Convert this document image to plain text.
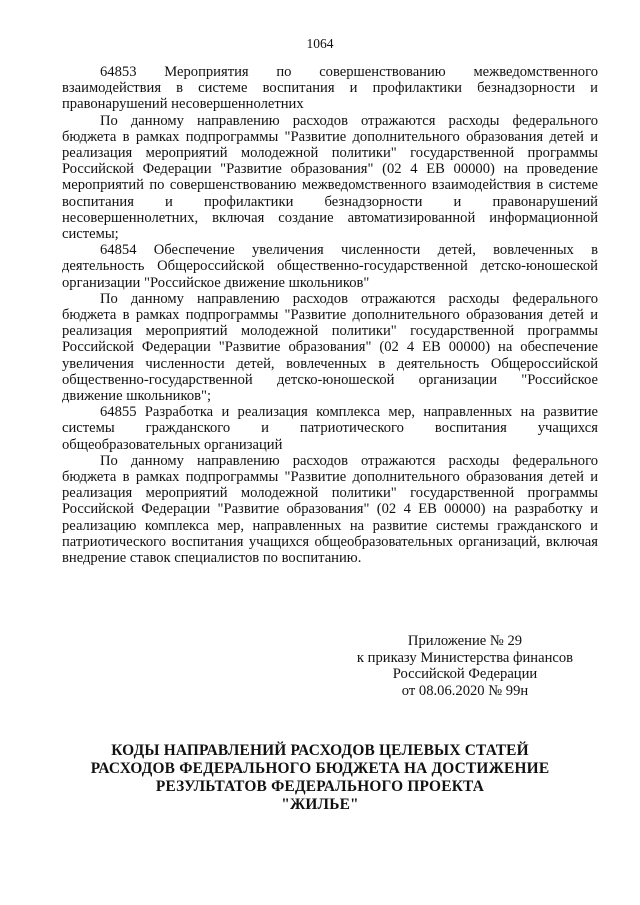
1064

64853 Мероприятия по совершенствованию межведомственного взаимодействия в системе воспитания и профилактики безнадзорности и правонарушений несовершеннолетних

По данному направлению расходов отражаются расходы федерального бюджета в рамках подпрограммы "Развитие дополнительного образования детей и реализация мероприятий молодежной политики" государственной программы Российской Федерации "Развитие образования" (02 4 ЕВ 00000) на проведение мероприятий по совершенствованию межведомственного взаимодействия в системе воспитания и профилактики безнадзорности и правонарушений несовершеннолетних, включая создание автоматизированной информационной системы;

64854 Обеспечение увеличения численности детей, вовлеченных в деятельность Общероссийской общественно-государственной детско-юношеской организации "Российское движение школьников"

По данному направлению расходов отражаются расходы федерального бюджета в рамках подпрограммы "Развитие дополнительного образования детей и реализация мероприятий молодежной политики" государственной программы Российской Федерации "Развитие образования" (02 4 ЕВ 00000) на обеспечение увеличения численности детей, вовлеченных в деятельность Общероссийской общественно-государственной детско-юношеской организации "Российское движение школьников";

64855 Разработка и реализация комплекса мер, направленных на развитие системы гражданского и патриотического воспитания учащихся общеобразовательных организаций

По данному направлению расходов отражаются расходы федерального бюджета в рамках подпрограммы "Развитие дополнительного образования детей и реализация мероприятий молодежной политики" государственной программы Российской Федерации "Развитие образования" (02 4 ЕВ 00000) на разработку и реализацию комплекса мер, направленных на развитие системы гражданского и патриотического воспитания учащихся общеобразовательных организаций, включая внедрение ставок специалистов по воспитанию.

Приложение № 29
к приказу Министерства финансов
Российской Федерации
от 08.06.2020 № 99н
КОДЫ НАПРАВЛЕНИЙ РАСХОДОВ ЦЕЛЕВЫХ СТАТЕЙ
РАСХОДОВ ФЕДЕРАЛЬНОГО БЮДЖЕТА НА ДОСТИЖЕНИЕ
РЕЗУЛЬТАТОВ ФЕДЕРАЛЬНОГО ПРОЕКТА
"ЖИЛЬЕ"
